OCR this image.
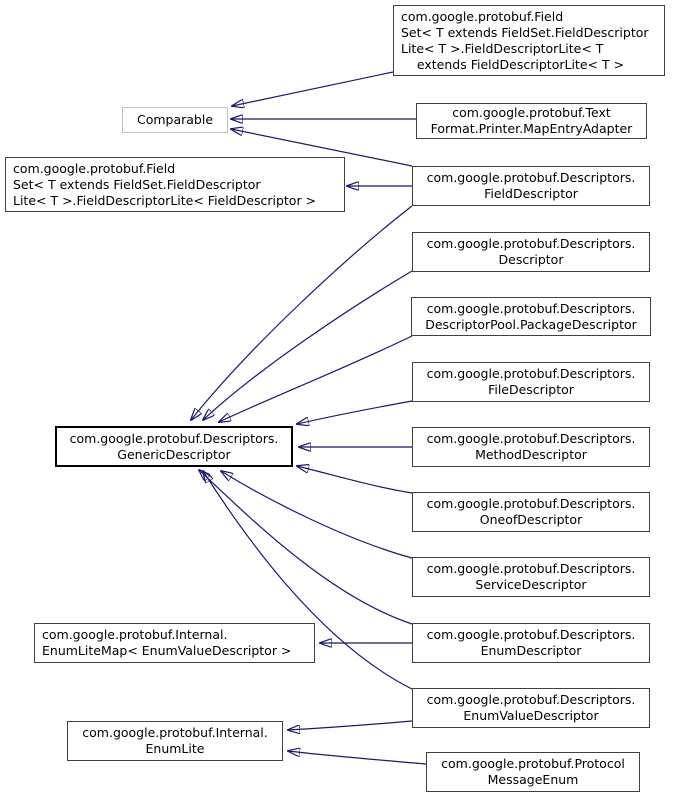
com.google.protobuf.Field
Set< T extends FieldSet.FieldDescriptor
Lite< T >.FieldDescriptorLite< T
extends FieldDescriptorLite< T >
Comparable	com.google.protobuf.Text
Format.Printer.MapEntryAdapter
com.google.protobuf.Field
Set< T extends FieldSet.FieldDescriptor
Lite< T >.FieldDescriptorLite< FieldDescriptor >
com.google.protobuf.Descriptors.
FieldDescriptor
com.google.protobuf.Descriptors.
Descriptor
com.google.protobuf.Descriptors.
DescriptorPool.PackageDescriptor
com.google.protobuf.Descriptors.
FileDescriptor
com.google.protobuf.Descriptors.
MethodDescriptor
com.google.protobuf.Descriptors.
OneofDescriptor
com.google.protobuf.Descriptors.
ServiceDescriptor
com.google.protobuf.Descriptors.
EnumDescriptor
com.google.protobuf.Descriptors.
EnumValueDescriptor
com.google.protobuf.Protocol
MessageEnum
com.google.protobuf.Internal.
EnumLiteMap< EnumValueDescriptor >
com.google.protobuf.Internal.
EnumLite
com.google.protobuf.Descriptors.
GenericDescriptor
